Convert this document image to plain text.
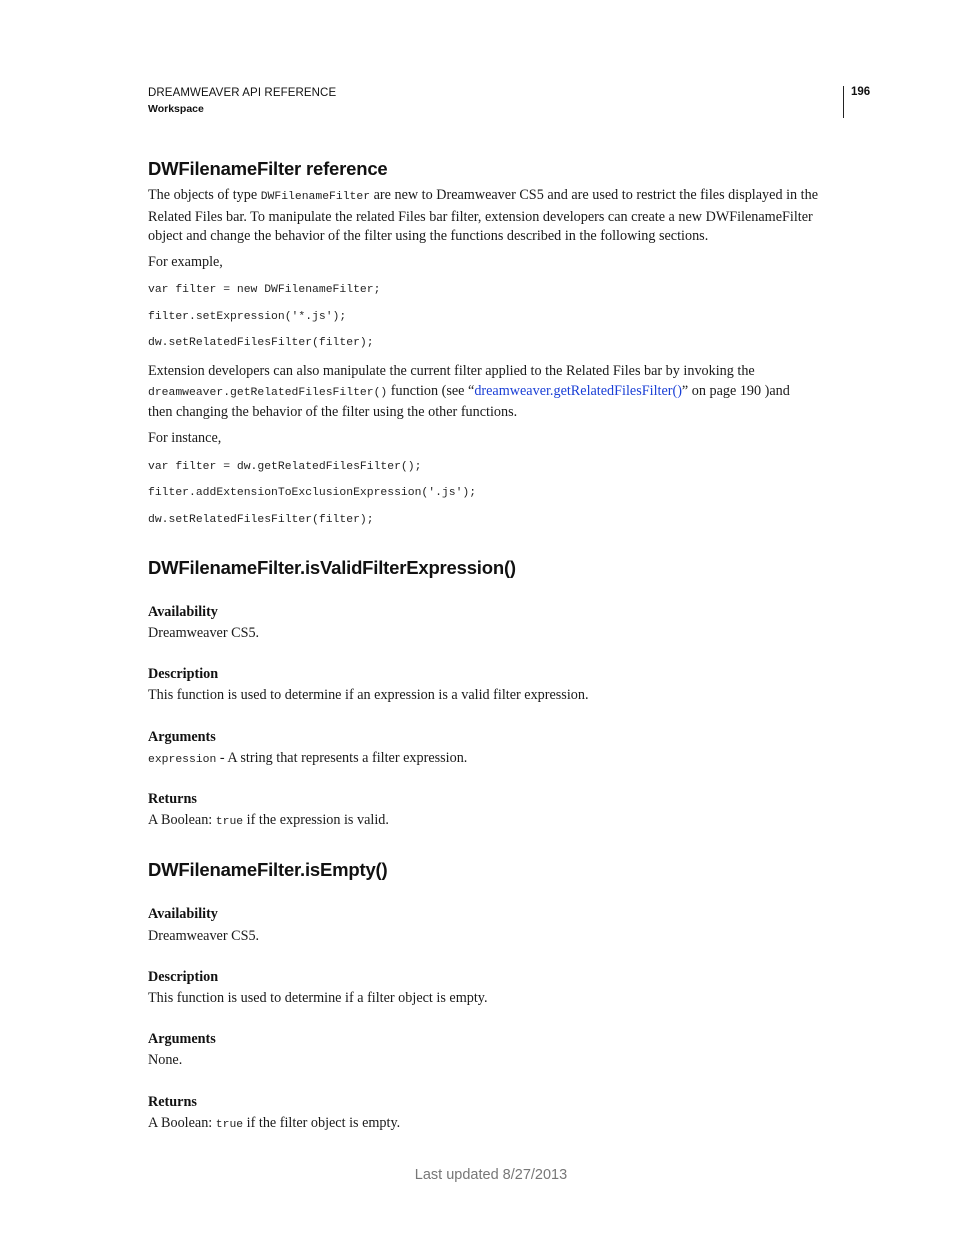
DREAMWEAVER API REFERENCE
Workspace
196
DWFilenameFilter reference

The objects of type DWFilenameFilter are new to Dreamweaver CS5 and are used to restrict the files displayed in the
Related Files bar. To manipulate the related Files bar filter, extension developers can create a new DWFilenameFilter
object and change the behavior of the filter using the functions described in the following sections.

For example,

var filter = new DWFilenameFilter;
filter.setExpression('*.js');
dw.setRelatedFilesFilter(filter);

Extension developers can also manipulate the current filter applied to the Related Files bar by invoking the
dreamweaver.getRelatedFilesFilter() function (see “dreamweaver.getRelatedFilesFilter()” on page 190 )and
then changing the behavior of the filter using the other functions.

For instance,

var filter = dw.getRelatedFilesFilter();
filter.addExtensionToExclusionExpression('.js');
dw.setRelatedFilesFilter(filter);
DWFilenameFilter.isValidFilterExpression()

Availability

Dreamweaver CS5.

Description

This function is used to determine if an expression is a valid filter expression.

Arguments

expression - A string that represents a filter expression.

Returns

A Boolean: true if the expression is valid.

DWFilenameFilter.isEmpty()

Availability

Dreamweaver CS5.

Description

This function is used to determine if a filter object is empty.

Arguments

None.

Returns

A Boolean: true if the filter object is empty.

Last updated 8/27/2013
